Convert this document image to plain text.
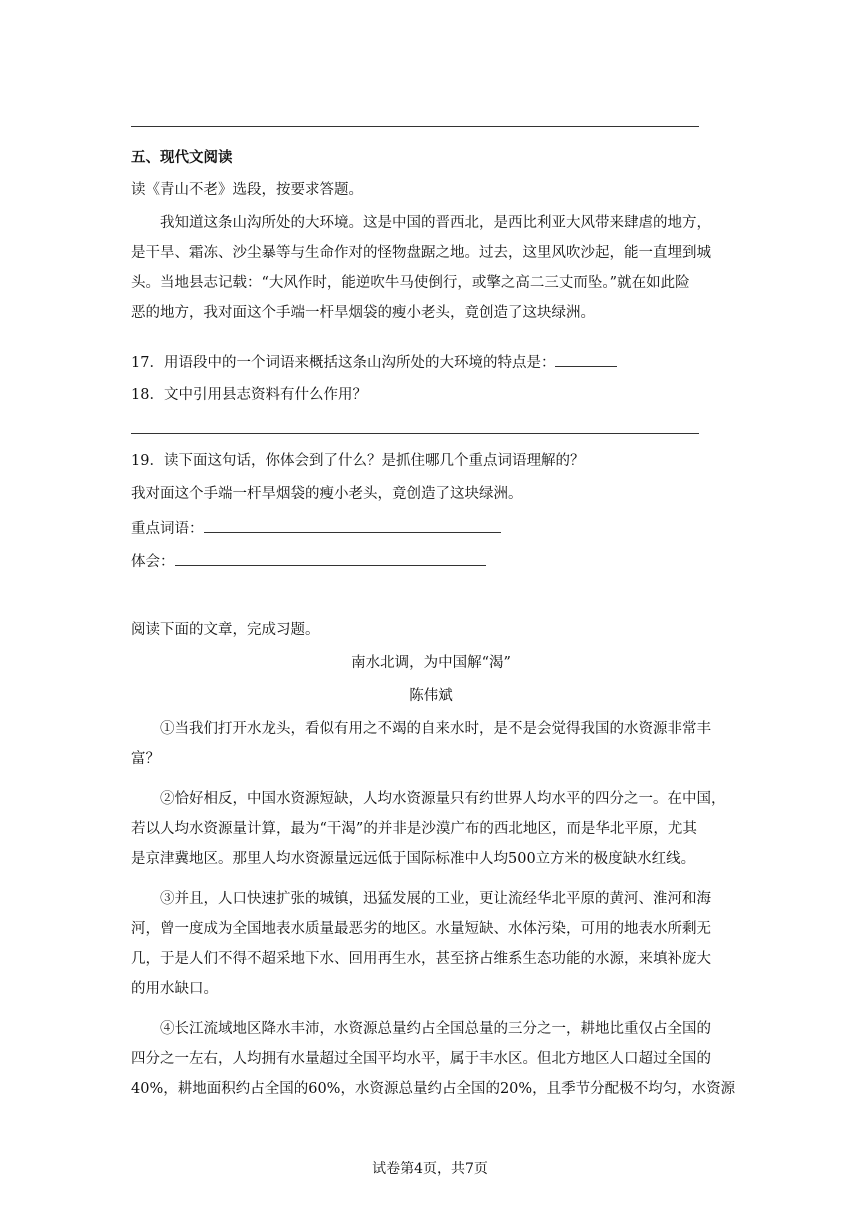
五、现代文阅读
读《青山不老》选段，按要求答题。
我知道这条山沟所处的大环境。这是中国的晋西北，是西比利亚大风带来肆虐的地方，
是干旱、霜冻、沙尘暴等与生命作对的怪物盘踞之地。过去，这里风吹沙起，能一直埋到城
头。当地县志记载：“大风作时，能逆吹牛马使倒行，或擎之高二三丈而坠。”就在如此险
恶的地方，我对面这个手端一杆旱烟袋的瘦小老头，竟创造了这块绿洲。
17．用语段中的一个词语来概括这条山沟所处的大环境的特点是：
18．文中引用县志资料有什么作用？
19．读下面这句话，你体会到了什么？是抓住哪几个重点词语理解的？
我对面这个手端一杆旱烟袋的瘦小老头，竟创造了这块绿洲。
重点词语：
体会：
阅读下面的文章，完成习题。
南水北调，为中国解“渴”
陈伟斌
①当我们打开水龙头，看似有用之不竭的自来水时，是不是会觉得我国的水资源非常丰
富？
②恰好相反，中国水资源短缺，人均水资源量只有约世界人均水平的四分之一。在中国，
若以人均水资源量计算，最为“干渴”的并非是沙漠广布的西北地区，而是华北平原，尤其
是京津冀地区。那里人均水资源量远远低于国际标准中人均500立方米的极度缺水红线。
③并且，人口快速扩张的城镇，迅猛发展的工业，更让流经华北平原的黄河、淮河和海
河，曾一度成为全国地表水质量最恶劣的地区。水量短缺、水体污染，可用的地表水所剩无
几，于是人们不得不超采地下水、回用再生水，甚至挤占维系生态功能的水源，来填补庞大
的用水缺口。
④长江流域地区降水丰沛，水资源总量约占全国总量的三分之一，耕地比重仅占全国的
四分之一左右，人均拥有水量超过全国平均水平，属于丰水区。但北方地区人口超过全国的
40%，耕地面积约占全国的60%，水资源总量约占全国的20%，且季节分配极不均匀，水资源
试卷第4页，共7页
